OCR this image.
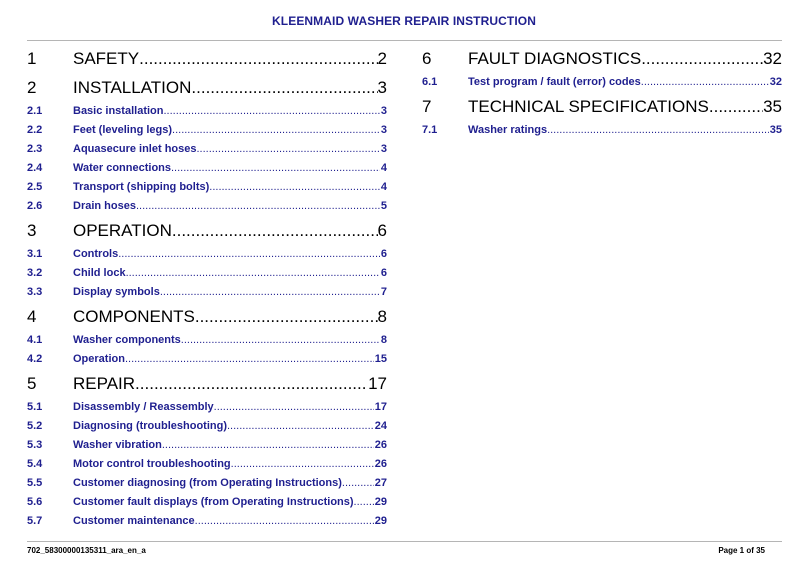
KLEENMAID WASHER REPAIR INSTRUCTION
1	SAFETY .....	2
2	INSTALLATION .....	3
2.1	Basic installation .....	3
2.2	Feet (leveling legs) .....	3
2.3	Aquasecure inlet hoses .....	3
2.4	Water connections .....	4
2.5	Transport (shipping bolts) .....	4
2.6	Drain hoses .....	5
3	OPERATION .....	6
3.1	Controls .....	6
3.2	Child lock .....	6
3.3	Display symbols .....	7
4	COMPONENTS .....	8
4.1	Washer components .....	8
4.2	Operation .....	15
5	REPAIR .....	17
5.1	Disassembly / Reassembly .....	17
5.2	Diagnosing (troubleshooting) .....	24
5.3	Washer vibration .....	26
5.4	Motor control troubleshooting .....	26
5.5	Customer diagnosing (from Operating Instructions) .....	27
5.6	Customer fault displays (from Operating Instructions) ..... 29
5.7	Customer maintenance .....	29
6	FAULT DIAGNOSTICS .....	32
6.1	Test program / fault (error) codes .....	32
7	TECHNICAL SPECIFICATIONS .....	35
7.1	Washer ratings .....	35
702_58300000135311_ara_en_a	Page 1 of 35
